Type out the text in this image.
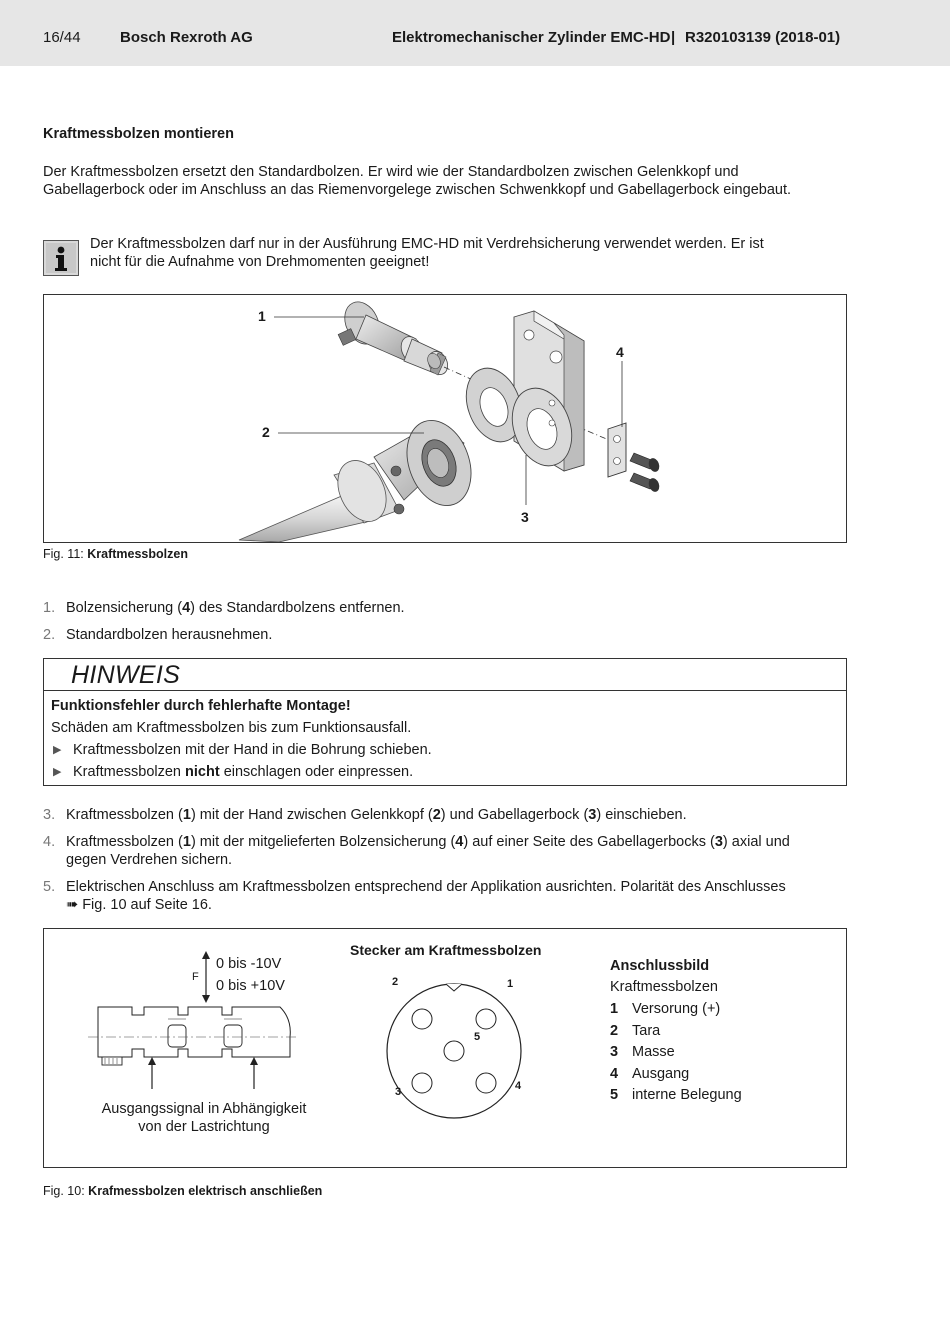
16/44	Bosch Rexroth AG	Elektromechanischer Zylinder EMC-HD | R320103139 (2018-01)
Kraftmessbolzen montieren
Der Kraftmessbolzen ersetzt den Standardbolzen. Er wird wie der Standardbolzen zwischen Gelenkkopf und
Gabellagerbock oder im Anschluss an das Riemenvorgelege zwischen Schwenkkopf und Gabellagerbock eingebaut.
Der Kraftmessbolzen darf nur in der Ausführung EMC-HD mit Verdrehsicherung verwendet werden. Er ist
nicht für die Aufnahme von Drehmomenten geeignet!
1
2
3
4
Fig. 11: Kraftmessbolzen
1. Bolzensicherung (4) des Standardbolzens entfernen.
2. Standardbolzen herausnehmen.
HINWEIS
Funktionsfehler durch fehlerhafte Montage!
Schäden am Kraftmessbolzen bis zum Funktionsausfall.
▶ Kraftmessbolzen mit der Hand in die Bohrung schieben.
▶ Kraftmessbolzen nicht einschlagen oder einpressen.
3. Kraftmessbolzen (1) mit der Hand zwischen Gelenkkopf (2) und Gabellagerbock (3) einschieben.
4. Kraftmessbolzen (1) mit der mitgelieferten Bolzensicherung (4) auf einer Seite des Gabellagerbocks (3) axial und
gegen Verdrehen sichern.
5. Elektrischen Anschluss am Kraftmessbolzen entsprechend der Applikation ausrichten. Polarität des Anschlusses
➠ Fig. 10 auf Seite 16.
F
0 bis -10V
0 bis +10V
Ausgangssignal in Abhängigkeit
von der Lastrichtung
Stecker am Kraftmessbolzen
1
2
3	4
5
Anschlussbild
Kraftmessbolzen
1 Versorung (+)
2 Tara
3 Masse
4 Ausgang
5 interne Belegung
Fig. 10: Krafmessbolzen elektrisch anschließen
